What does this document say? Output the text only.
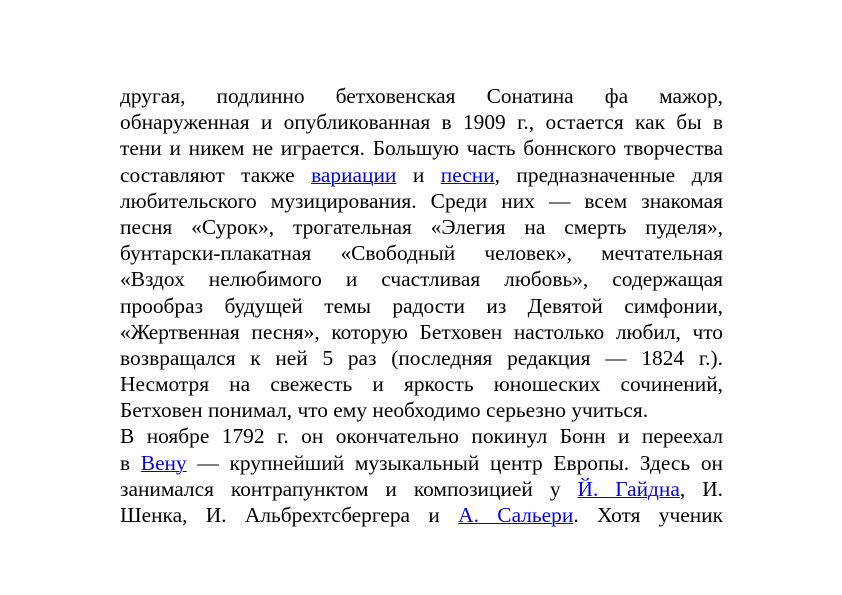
другая, подлинно бетховенская Сонатина фа мажор,
обнаруженная и опубликованная в 1909 г., остается как бы в
тени и никем не играется. Большую часть боннского творчества
составляют также вариации и песни, предназначенные для
любительского музицирования. Среди них — всем знакомая
песня «Сурок», трогательная «Элегия на смерть пуделя»,
бунтарски-плакатная «Свободный человек», мечтательная
«Вздох нелюбимого и счастливая любовь», содержащая
прообраз будущей темы радости из Девятой симфонии,
«Жертвенная песня», которую Бетховен настолько любил, что
возвращался к ней 5 раз (последняя редакция — 1824 г.).
Несмотря на свежесть и яркость юношеских сочинений,
Бетховен понимал, что ему необходимо серьезно учиться.
В ноябре 1792 г. он окончательно покинул Бонн и переехал
в Вену — крупнейший музыкальный центр Европы. Здесь он
занимался контрапунктом и композицией у Й. Гайдна, И.
Шенка, И. Альбрехтсбергера и А. Сальери. Хотя ученик
